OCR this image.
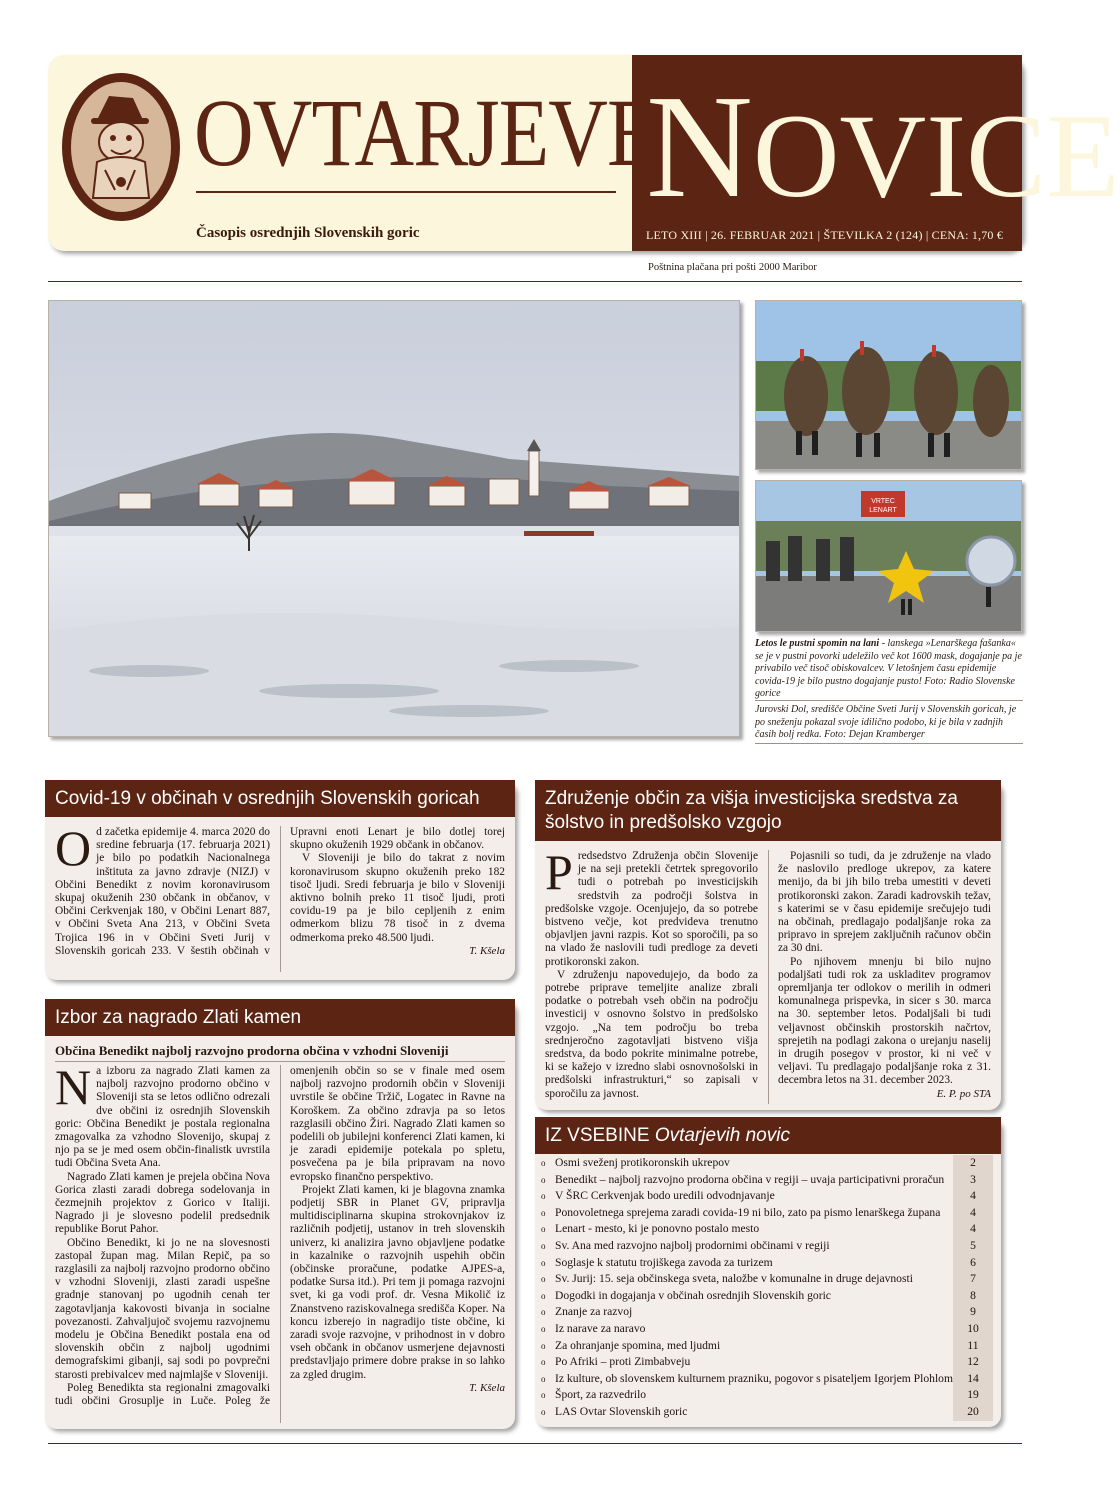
OVTARJEVE
NOVICE
Časopis osrednjih Slovenskih goric	LETO XIII | 26. FEBRUAR 2021 | ŠTEVILKA 2 (124) | CENA: 1,70 €
Poštnina plačana pri pošti 2000 Maribor
VRTEC
LENART
Letos le pustni spomin na lani - lanskega »Lenarškega fašanka« se je v pustni povorki udeležilo več kot 1600 mask, dogajanje pa je privabilo več tisoč obiskovalcev. V letošnjem času epidemije covida-19 je bilo pustno dogajanje pusto! Foto: Radio Slovenske gorice
Jurovski Dol, središče Občine Sveti Jurij v Slovenskih goricah, je po sneženju pokazal svoje idilično podobo, ki je bila v zadnjih časih bolj redka. Foto: Dejan Kramberger
Covid-19 v občinah v osrednjih Slovenskih goricah

Od začetka epidemije 4. marca 2020 do sredine februarja (17. februarja 2021) je bilo po podatkih Nacionalnega inštituta za javno zdravje (NIZJ) v Občini Benedikt z novim koronavirusom skupaj okuženih 230 občank in občanov, v Občini Cerkvenjak 180, v Občini Lenart 887, v Občini Sveta Ana 213, v Občini Sveta Trojica 196 in v Občini Sveti Jurij v Slovenskih goricah 233. V šestih občinah v Upravni enoti Lenart je bilo dotlej torej skupno okuženih 1929 občank in občanov.

V Sloveniji je bilo do takrat z novim koronavirusom skupno okuženih preko 182 tisoč ljudi. Sredi februarja je bilo v Sloveniji aktivno bolnih preko 11 tisoč ljudi, proti covidu-19 pa je bilo cepljenih z enim odmerkom blizu 78 tisoč in z dvema odmerkoma preko 48.500 ljudi.

T. Kšela

Izbor za nagrado Zlati kamen
Občina Benedikt najbolj razvojno prodorna občina v vzhodni Sloveniji

Na izboru za nagrado Zlati kamen za najbolj razvojno prodorno občino v Sloveniji sta se letos odlično odrezali dve občini iz osrednjih Slovenskih goric: Občina Benedikt je postala regionalna zmagovalka za vzhodno Slovenijo, skupaj z njo pa se je med osem občin-finalistk uvrstila tudi Občina Sveta Ana.

Nagrado Zlati kamen je prejela občina Nova Gorica zlasti zaradi dobrega sodelovanja in čezmejnih projektov z Gorico v Italiji. Nagrado ji je slovesno podelil predsednik republike Borut Pahor.

Občino Benedikt, ki jo ne na slovesnosti zastopal župan mag. Milan Repič, pa so razglasili za najbolj razvojno prodorno občino v vzhodni Sloveniji, zlasti zaradi uspešne gradnje stanovanj po ugodnih cenah ter zagotavljanja kakovosti bivanja in socialne povezanosti. Zahvaljujoč svojemu razvojnemu modelu je Občina Benedikt postala ena od slovenskih občin z najbolj ugodnimi demografskimi gibanji, saj sodi po povprečni starosti prebivalcev med najmlajše v Sloveniji.

Poleg Benedikta sta regionalni zmagovalki tudi občini Grosuplje in Luče. Poleg že omenjenih občin so se v finale med osem najbolj razvojno prodornih občin v Sloveniji uvrstile še občine Tržič, Logatec in Ravne na Koroškem. Za občino zdravja pa so letos razglasili občino Žiri. Nagrado Zlati kamen so podelili ob jubilejni konferenci Zlati kamen, ki je zaradi epidemije potekala po spletu, posvečena pa je bila pripravam na novo evropsko finančno perspektivo.

Projekt Zlati kamen, ki je blagovna znamka podjetij SBR in Planet GV, pripravlja multidisciplinarna skupina strokovnjakov iz različnih podjetij, ustanov in treh slovenskih univerz, ki analizira javno objavljene podatke in kazalnike o razvojnih uspehih občin (občinske proračune, podatke AJPES-a, podatke Sursa itd.). Pri tem ji pomaga razvojni svet, ki ga vodi prof. dr. Vesna Mikolič iz Znanstveno raziskovalnega središča Koper. Na koncu izberejo in nagradijo tiste občine, ki zaradi svoje razvojne, v prihodnost in v dobro vseh občank in občanov usmerjene dejavnosti predstavljajo primere dobre prakse in so lahko za zgled drugim.

T. Kšela

Združenje občin za višja investicijska sredstva za šolstvo in predšolsko vzgojo

Predsedstvo Združenja občin Slovenije je na seji pretekli četrtek spregovorilo tudi o potrebah po investicijskih sredstvih za področji šolstva in predšolske vzgoje. Ocenjujejo, da so potrebe bistveno večje, kot predvideva trenutno objavljen javni razpis. Kot so sporočili, pa so na vlado že naslovili tudi predloge za deveti protikoronski zakon.

V združenju napovedujejo, da bodo za potrebe priprave temeljite analize zbrali podatke o potrebah vseh občin na področju investicij v osnovno šolstvo in predšolsko vzgojo. „Na tem področju bo treba srednjeročno zagotavljati bistveno višja sredstva, da bodo pokrite minimalne potrebe, ki se kažejo v izredno slabi osnovnošolski in predšolski infrastrukturi,“ so zapisali v sporočilu za javnost.

Pojasnili so tudi, da je združenje na vlado že naslovilo predloge ukrepov, za katere menijo, da bi jih bilo treba umestiti v deveti protikoronski zakon. Zaradi kadrovskih težav, s katerimi se v času epidemije srečujejo tudi na občinah, predlagajo podaljšanje roka za pripravo in sprejem zaključnih računov občin za 30 dni.

Po njihovem mnenju bi bilo nujno podaljšati tudi rok za uskladitev programov opremljanja ter odlokov o merilih in odmeri komunalnega prispevka, in sicer s 30. marca na 30. september letos. Podaljšali bi tudi veljavnost občinskih prostorskih načrtov, sprejetih na podlagi zakona o urejanju naselij in drugih posegov v prostor, ki ni več v veljavi. Tu predlagajo podaljšanje roka z 31. decembra letos na 31. december 2023.

E. P. po STA

IZ VSEBINE Ovtarjevih novic
o Osmi sveženj protikoronskih ukrepov	2
o Benedikt – najbolj razvojno prodorna občina v regiji – uvaja participativni proračun	3
o V ŠRC Cerkvenjak bodo uredili odvodnjavanje	4
o Ponovoletnega sprejema zaradi covida-19 ni bilo, zato pa pismo lenarškega župana	4
o Lenart - mesto, ki je ponovno postalo mesto	4
o Sv. Ana med razvojno najbolj prodornimi občinami v regiji	5
o Soglasje k statutu trojiškega zavoda za turizem	6
o Sv. Jurij: 15. seja občinskega sveta, naložbe v komunalne in druge dejavnosti	7
o Dogodki in dogajanja v občinah osrednjih Slovenskih goric	8
o Znanje za razvoj	9
o Iz narave za naravo	10
o Za ohranjanje spomina, med ljudmi	11
o Po Afriki – proti Zimbabveju	12
o Iz kulture, ob slovenskem kulturnem prazniku, pogovor s pisateljem Igorjem Plohlom	14
o Šport, za razvedrilo	19
o LAS Ovtar Slovenskih goric	20
